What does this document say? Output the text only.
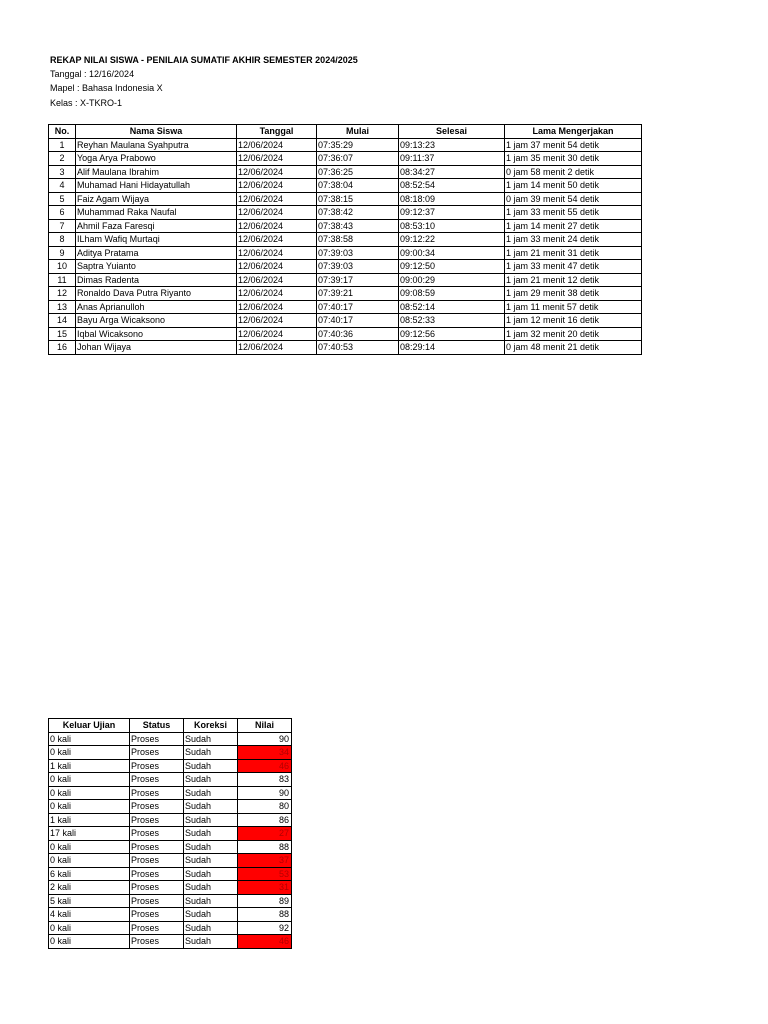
REKAP NILAI SISWA - PENILAIA SUMATIF AKHIR SEMESTER 2024/2025
Tanggal : 12/16/2024
Mapel : Bahasa Indonesia X
Kelas : X-TKRO-1
No.	Nama Siswa	Tanggal	Mulai	Selesai	Lama Mengerjakan
1	Reyhan Maulana Syahputra	12/06/2024	07:35:29	09:13:23	1 jam 37 menit 54 detik
2	Yoga Arya Prabowo	12/06/2024	07:36:07	09:11:37	1 jam 35 menit 30 detik
3	Alif Maulana Ibrahim	12/06/2024	07:36:25	08:34:27	0 jam 58 menit 2 detik
4	Muhamad Hani Hidayatullah	12/06/2024	07:38:04	08:52:54	1 jam 14 menit 50 detik
5	Faiz Agam Wijaya	12/06/2024	07:38:15	08:18:09	0 jam 39 menit 54 detik
6	Muhammad Raka Naufal	12/06/2024	07:38:42	09:12:37	1 jam 33 menit 55 detik
7	Ahmil Faza Faresqi	12/06/2024	07:38:43	08:53:10	1 jam 14 menit 27 detik
8	ILham Wafiq Murtaqi	12/06/2024	07:38:58	09:12:22	1 jam 33 menit 24 detik
9	Aditya Pratama	12/06/2024	07:39:03	09:00:34	1 jam 21 menit 31 detik
10	Saptra Yuianto	12/06/2024	07:39:03	09:12:50	1 jam 33 menit 47 detik
11	Dimas Radenta	12/06/2024	07:39:17	09:00:29	1 jam 21 menit 12 detik
12	Ronaldo Dava Putra Riyanto	12/06/2024	07:39:21	09:08:59	1 jam 29 menit 38 detik
13	Anas Aprianulloh	12/06/2024	07:40:17	08:52:14	1 jam 11 menit 57 detik
14	Bayu Arga Wicaksono	12/06/2024	07:40:17	08:52:33	1 jam 12 menit 16 detik
15	Iqbal Wicaksono	12/06/2024	07:40:36	09:12:56	1 jam 32 menit 20 detik
16	Johan Wijaya	12/06/2024	07:40:53	08:29:14	0 jam 48 menit 21 detik
Keluar Ujian	Status	Koreksi	Nilai
0 kali	Proses	Sudah	90
0 kali	Proses	Sudah	34
1 kali	Proses	Sudah	46
0 kali	Proses	Sudah	83
0 kali	Proses	Sudah	90
0 kali	Proses	Sudah	80
1 kali	Proses	Sudah	86
17 kali	Proses	Sudah	27
0 kali	Proses	Sudah	88
0 kali	Proses	Sudah	37
6 kali	Proses	Sudah	53
2 kali	Proses	Sudah	31
5 kali	Proses	Sudah	89
4 kali	Proses	Sudah	88
0 kali	Proses	Sudah	92
0 kali	Proses	Sudah	46
